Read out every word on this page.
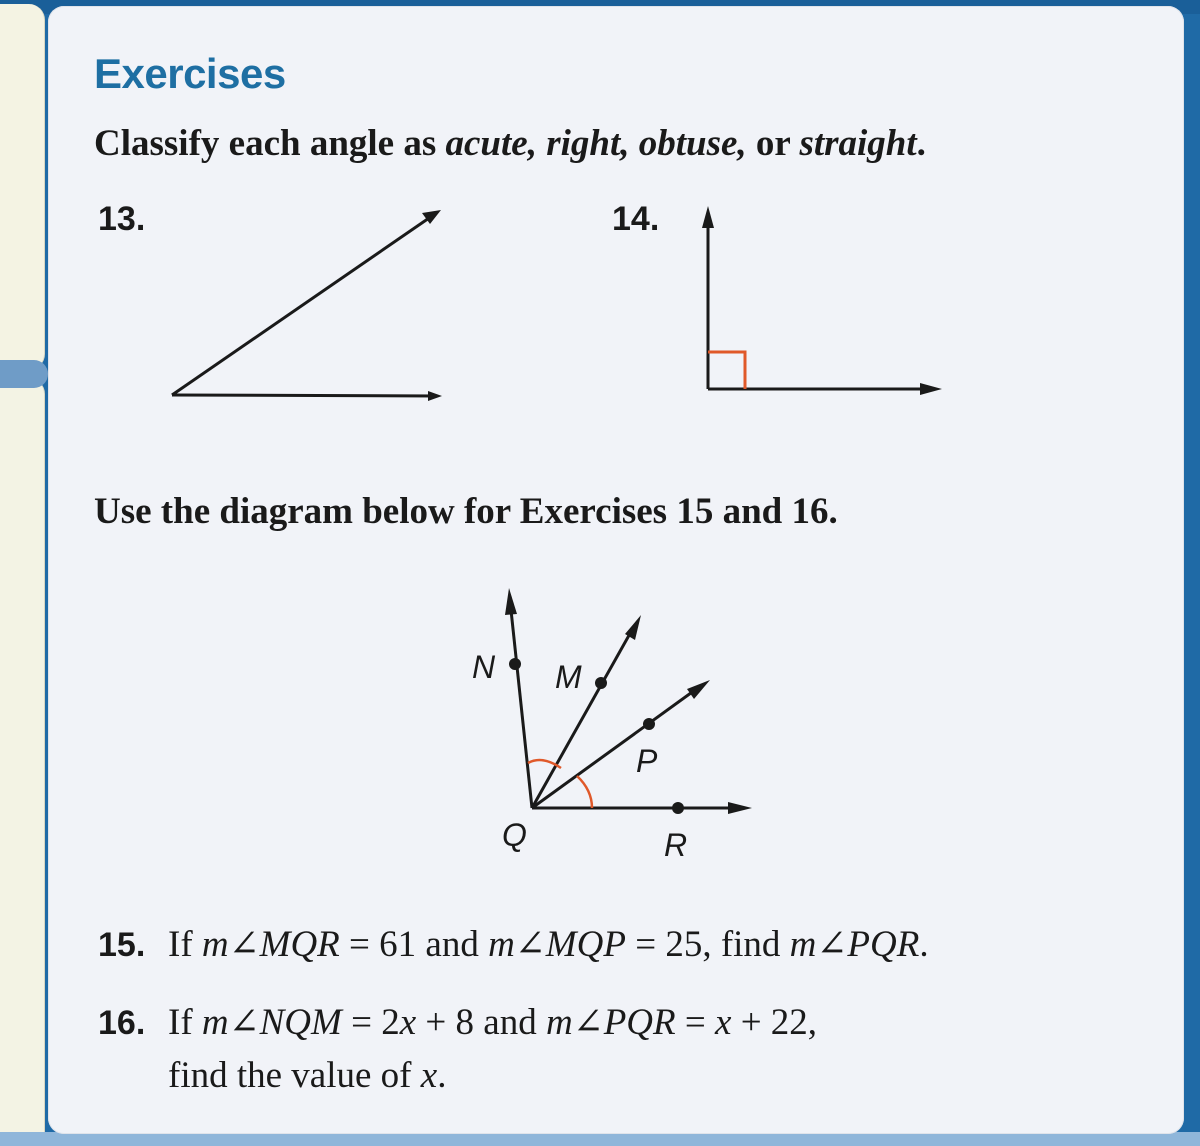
Exercises
Classify each angle as acute, right, obtuse, or straight.
13.	14.
Use the diagram below for Exercises 15 and 16.
N M
P
Q	R
15. If m∠MQR = 61 and m∠MQP = 25, find m∠PQR.
16. If m∠NQM = 2x + 8 and m∠PQR = x + 22,
find the value of x.
